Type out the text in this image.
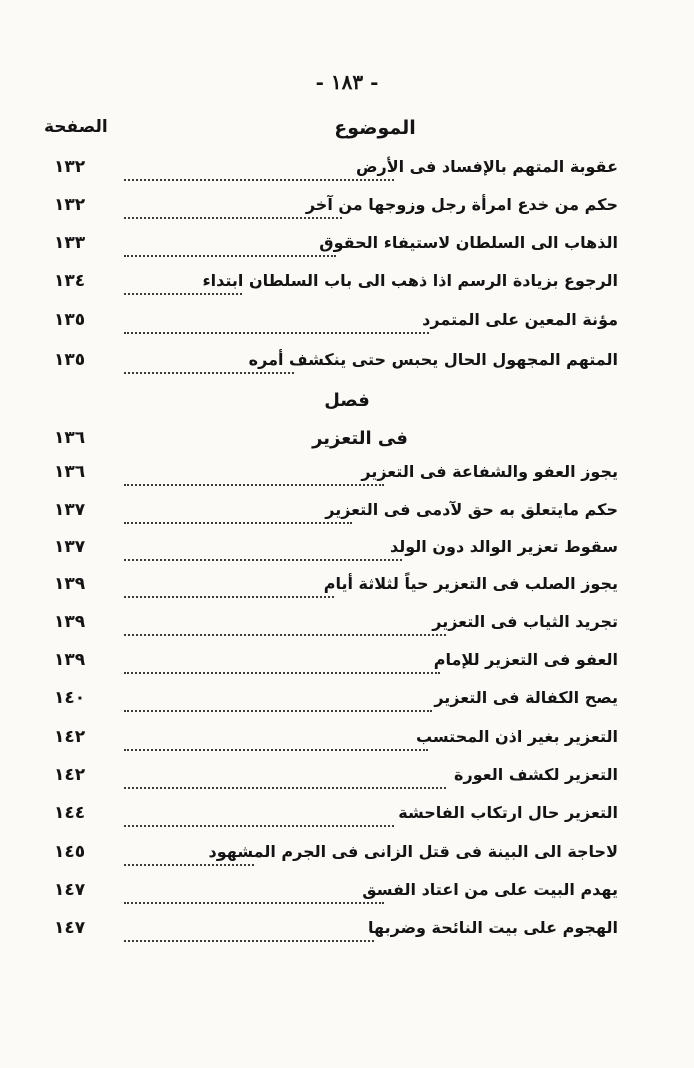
- ١٨٣ -
الصفحة	الموضوع
عقوبة المتهم بالإفساد فى الأرض
١٣٢
حكم من خدع امرأة رجل وزوجها من آخر
١٣٢
الذهاب الى السلطان لاستيفاء الحقوق
١٣٣
الرجوع بزيادة الرسم اذا ذهب الى باب السلطان ابتداء
١٣٤
مؤنة المعين على المتمرد
١٣٥
المتهم المجهول الحال يحبس حتى ينكشف أمره
١٣٥
فصل
فى التعزير
١٣٦
يجوز العفو والشفاعة فى التعزير
١٣٦
حكم مايتعلق به حق لآدمى فى التعزير
١٣٧
سقوط تعزير الوالد دون الولد
١٣٧
يجوز الصلب فى التعزير حياً لثلاثة أيام
١٣٩
تجريد الثياب فى التعزير
١٣٩
العفو فى التعزير للإمام
١٣٩
يصح الكفالة فى التعزير
١٤٠
التعزير بغير اذن المحتسب
١٤٢
التعزير لكشف العورة
١٤٢
التعزير حال ارتكاب الفاحشة
١٤٤
لاحاجة الى البينة فى قتل الزانى فى الجرم المشهود
١٤٥
يهدم البيت على من اعتاد الفسق
١٤٧
الهجوم على بيت النائحة وضربها
١٤٧
